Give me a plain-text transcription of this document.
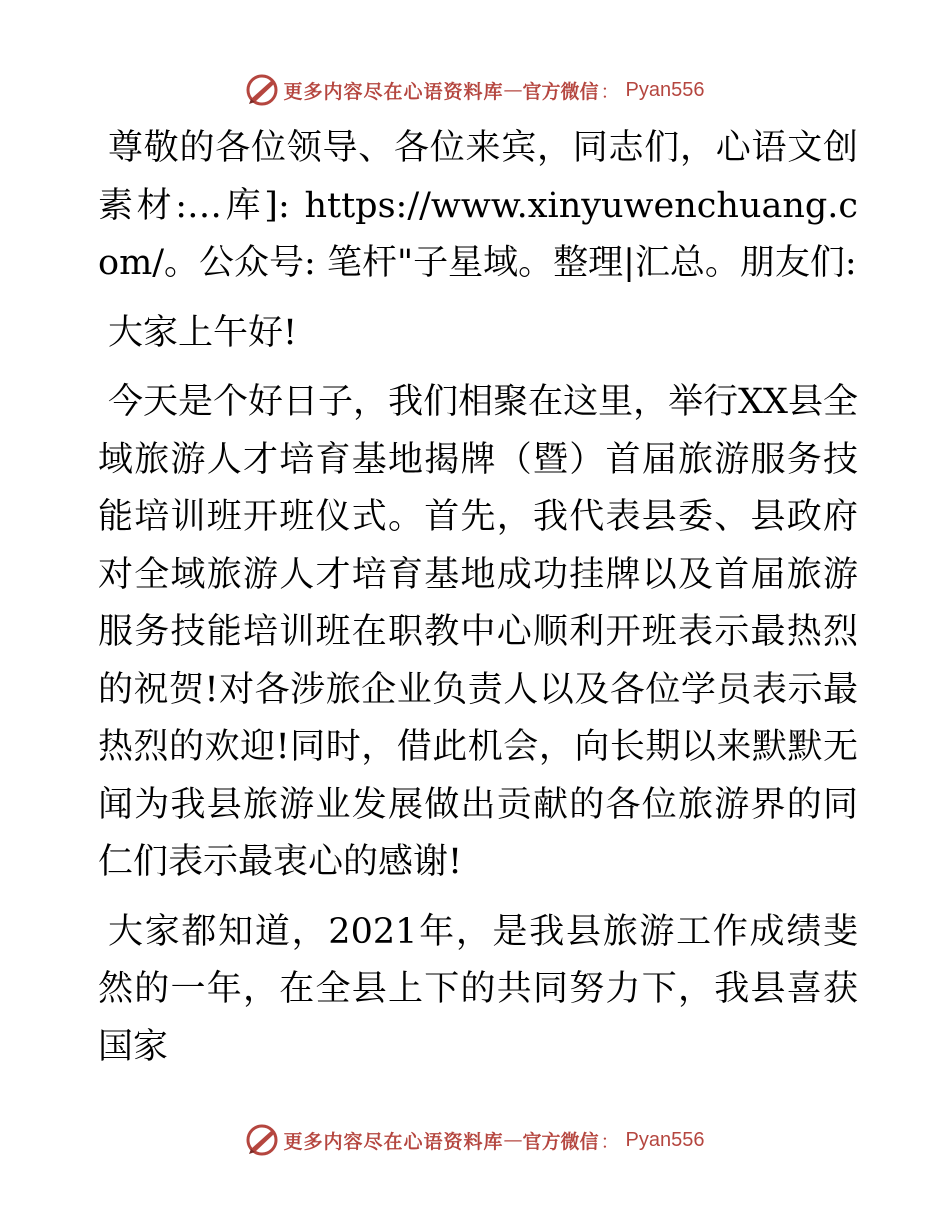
更多内容尽在心语资料库 — 官方微信 ： Pyan556

尊敬的各位领导、各位来宾，同志们，心语文创素材:…库]: https://www.xinyuwenchuang.com/。公众号: 笔杆"子星域。整理|汇总。朋友们:

大家上午好!

今天是个好日子，我们相聚在这里，举行XX县全域旅游人才培育基地揭牌（暨）首届旅游服务技能培训班开班仪式。首先，我代表县委、县政府对全域旅游人才培育基地成功挂牌以及首届旅游服务技能培训班在职教中心顺利开班表示最热烈的祝贺!对各涉旅企业负责人以及各位学员表示最热烈的欢迎!同时，借此机会，向长期以来默默无闻为我县旅游业发展做出贡献的各位旅游界的同仁们表示最衷心的感谢!

大家都知道，2021年，是我县旅游工作成绩斐然的一年，在全县上下的共同努力下，我县喜获国家

更多内容尽在心语资料库 — 官方微信 ： Pyan556
